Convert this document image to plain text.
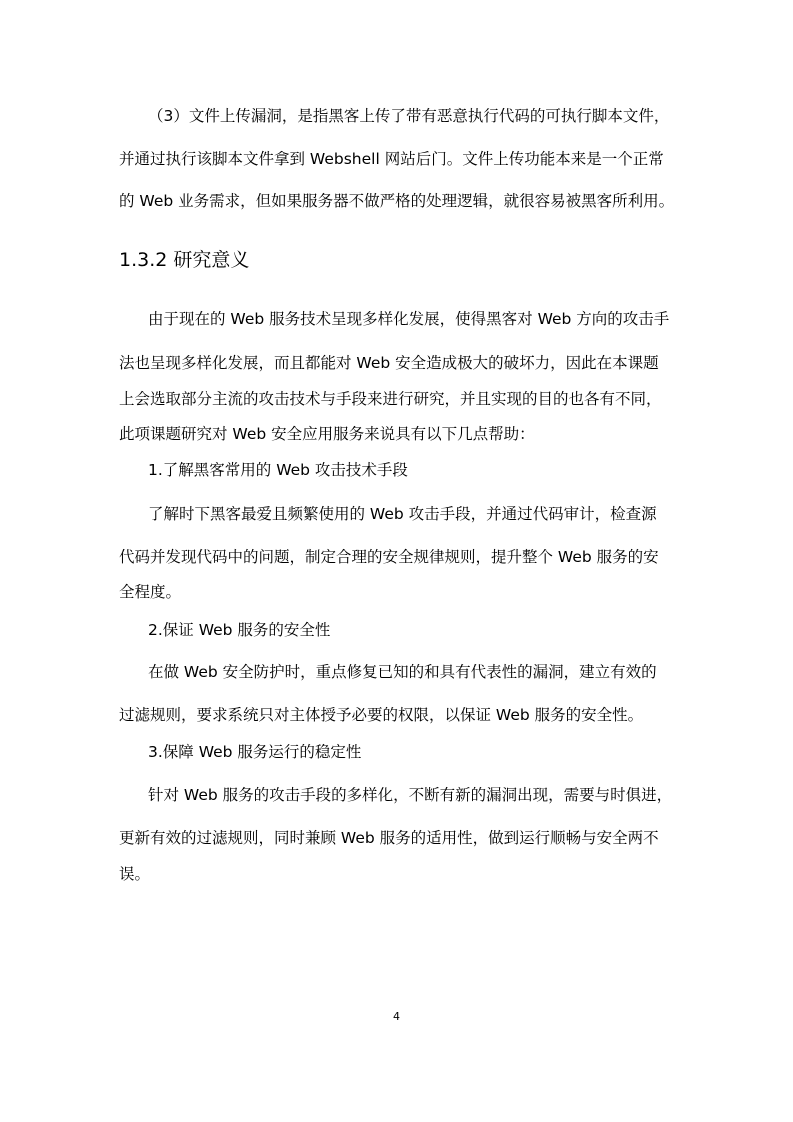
（3）文件上传漏洞，是指黑客上传了带有恶意执行代码的可执行脚本文件，
并通过执行该脚本文件拿到 Webshell 网站后门。文件上传功能本来是一个正常
的 Web 业务需求，但如果服务器不做严格的处理逻辑，就很容易被黑客所利用。
1.3.2 研究意义
由于现在的 Web 服务技术呈现多样化发展，使得黑客对 Web 方向的攻击手
法也呈现多样化发展，而且都能对 Web 安全造成极大的破坏力，因此在本课题
上会选取部分主流的攻击技术与手段来进行研究，并且实现的目的也各有不同，
此项课题研究对 Web 安全应用服务来说具有以下几点帮助：
1.了解黑客常用的 Web 攻击技术手段
了解时下黑客最爱且频繁使用的 Web 攻击手段，并通过代码审计，检查源
代码并发现代码中的问题，制定合理的安全规律规则，提升整个 Web 服务的安
全程度。
2.保证 Web 服务的安全性
在做 Web 安全防护时，重点修复已知的和具有代表性的漏洞，建立有效的
过滤规则，要求系统只对主体授予必要的权限，以保证 Web 服务的安全性。
3.保障 Web 服务运行的稳定性
针对 Web 服务的攻击手段的多样化，不断有新的漏洞出现，需要与时俱进，
更新有效的过滤规则，同时兼顾 Web 服务的适用性，做到运行顺畅与安全两不
误。
4
